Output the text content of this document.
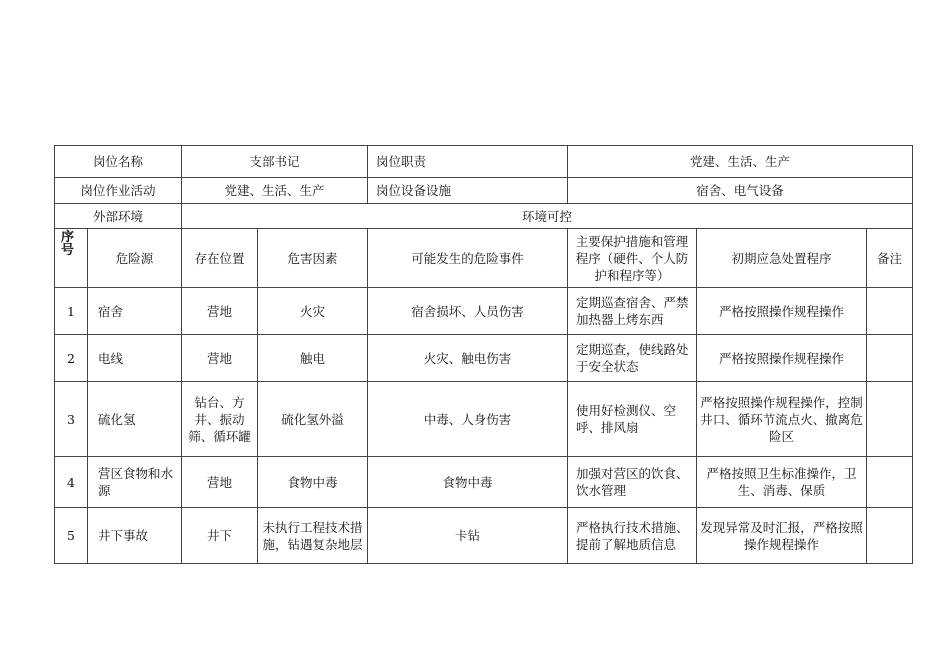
岗位名称		支部书记		岗位职责	党建、生活、生产		
岗位作业活动		党建、生活、生产		岗位设备设施	宿舍、电气设备		
外部环境		环境可控					
序号	危险源	存在位置	危害因素	可能发生的危险事件	主要保护措施和管理程序（硬件、个人防护和程序等）	初期应急处置程序	备注
1	宿舍	营地	火灾	宿舍损坏、人员伤害	定期巡查宿舍、严禁加热器上烤东西	严格按照操作规程操作	
2	电线	营地	触电	火灾、触电伤害	定期巡查，使线路处于安全状态	严格按照操作规程操作	
3	硫化氢	钻台、方井、振动筛、循环罐	硫化氢外溢	中毒、人身伤害	使用好检测仪、空呼、排风扇	严格按照操作规程操作，控制井口、循环节流点火、撤离危险区	
4	营区食物和水源	营地	食物中毒	食物中毒	加强对营区的饮食、饮水管理	严格按照卫生标准操作，卫生、消毒、保质	
5	井下事故	井下	未执行工程技术措施，钻遇复杂地层	卡钻	严格执行技术措施、提前了解地质信息	发现异常及时汇报，严格按照操作规程操作	
